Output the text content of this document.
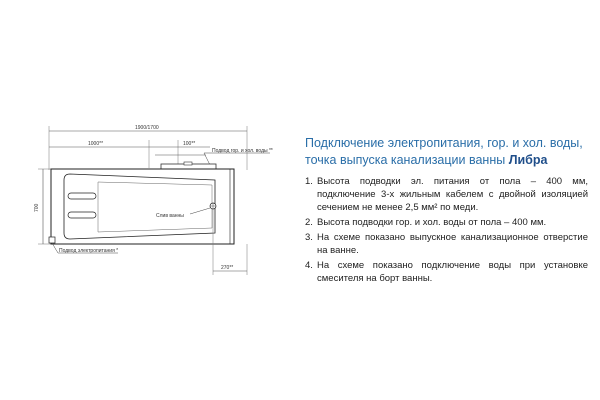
1900/1700
1000**	100**
Подвод гор. и хол. воды **
700
Слив ванны
Подвод электропитания *
270**
Подключение электропитания, гор. и хол. воды,
точка выпуска канализации ванны Либра
1. Высота подводки эл. питания от пола – 400 мм, подключение 3-х жильным кабелем с двойной изоляцией сечением не менее 2,5 мм² по меди.
2. Высота подводки гор. и хол. воды от пола – 400 мм.
3. На схеме показано выпускное канализационное отверстие на ванне.
4. На схеме показано подключение воды при установке смесителя на борт ванны.
